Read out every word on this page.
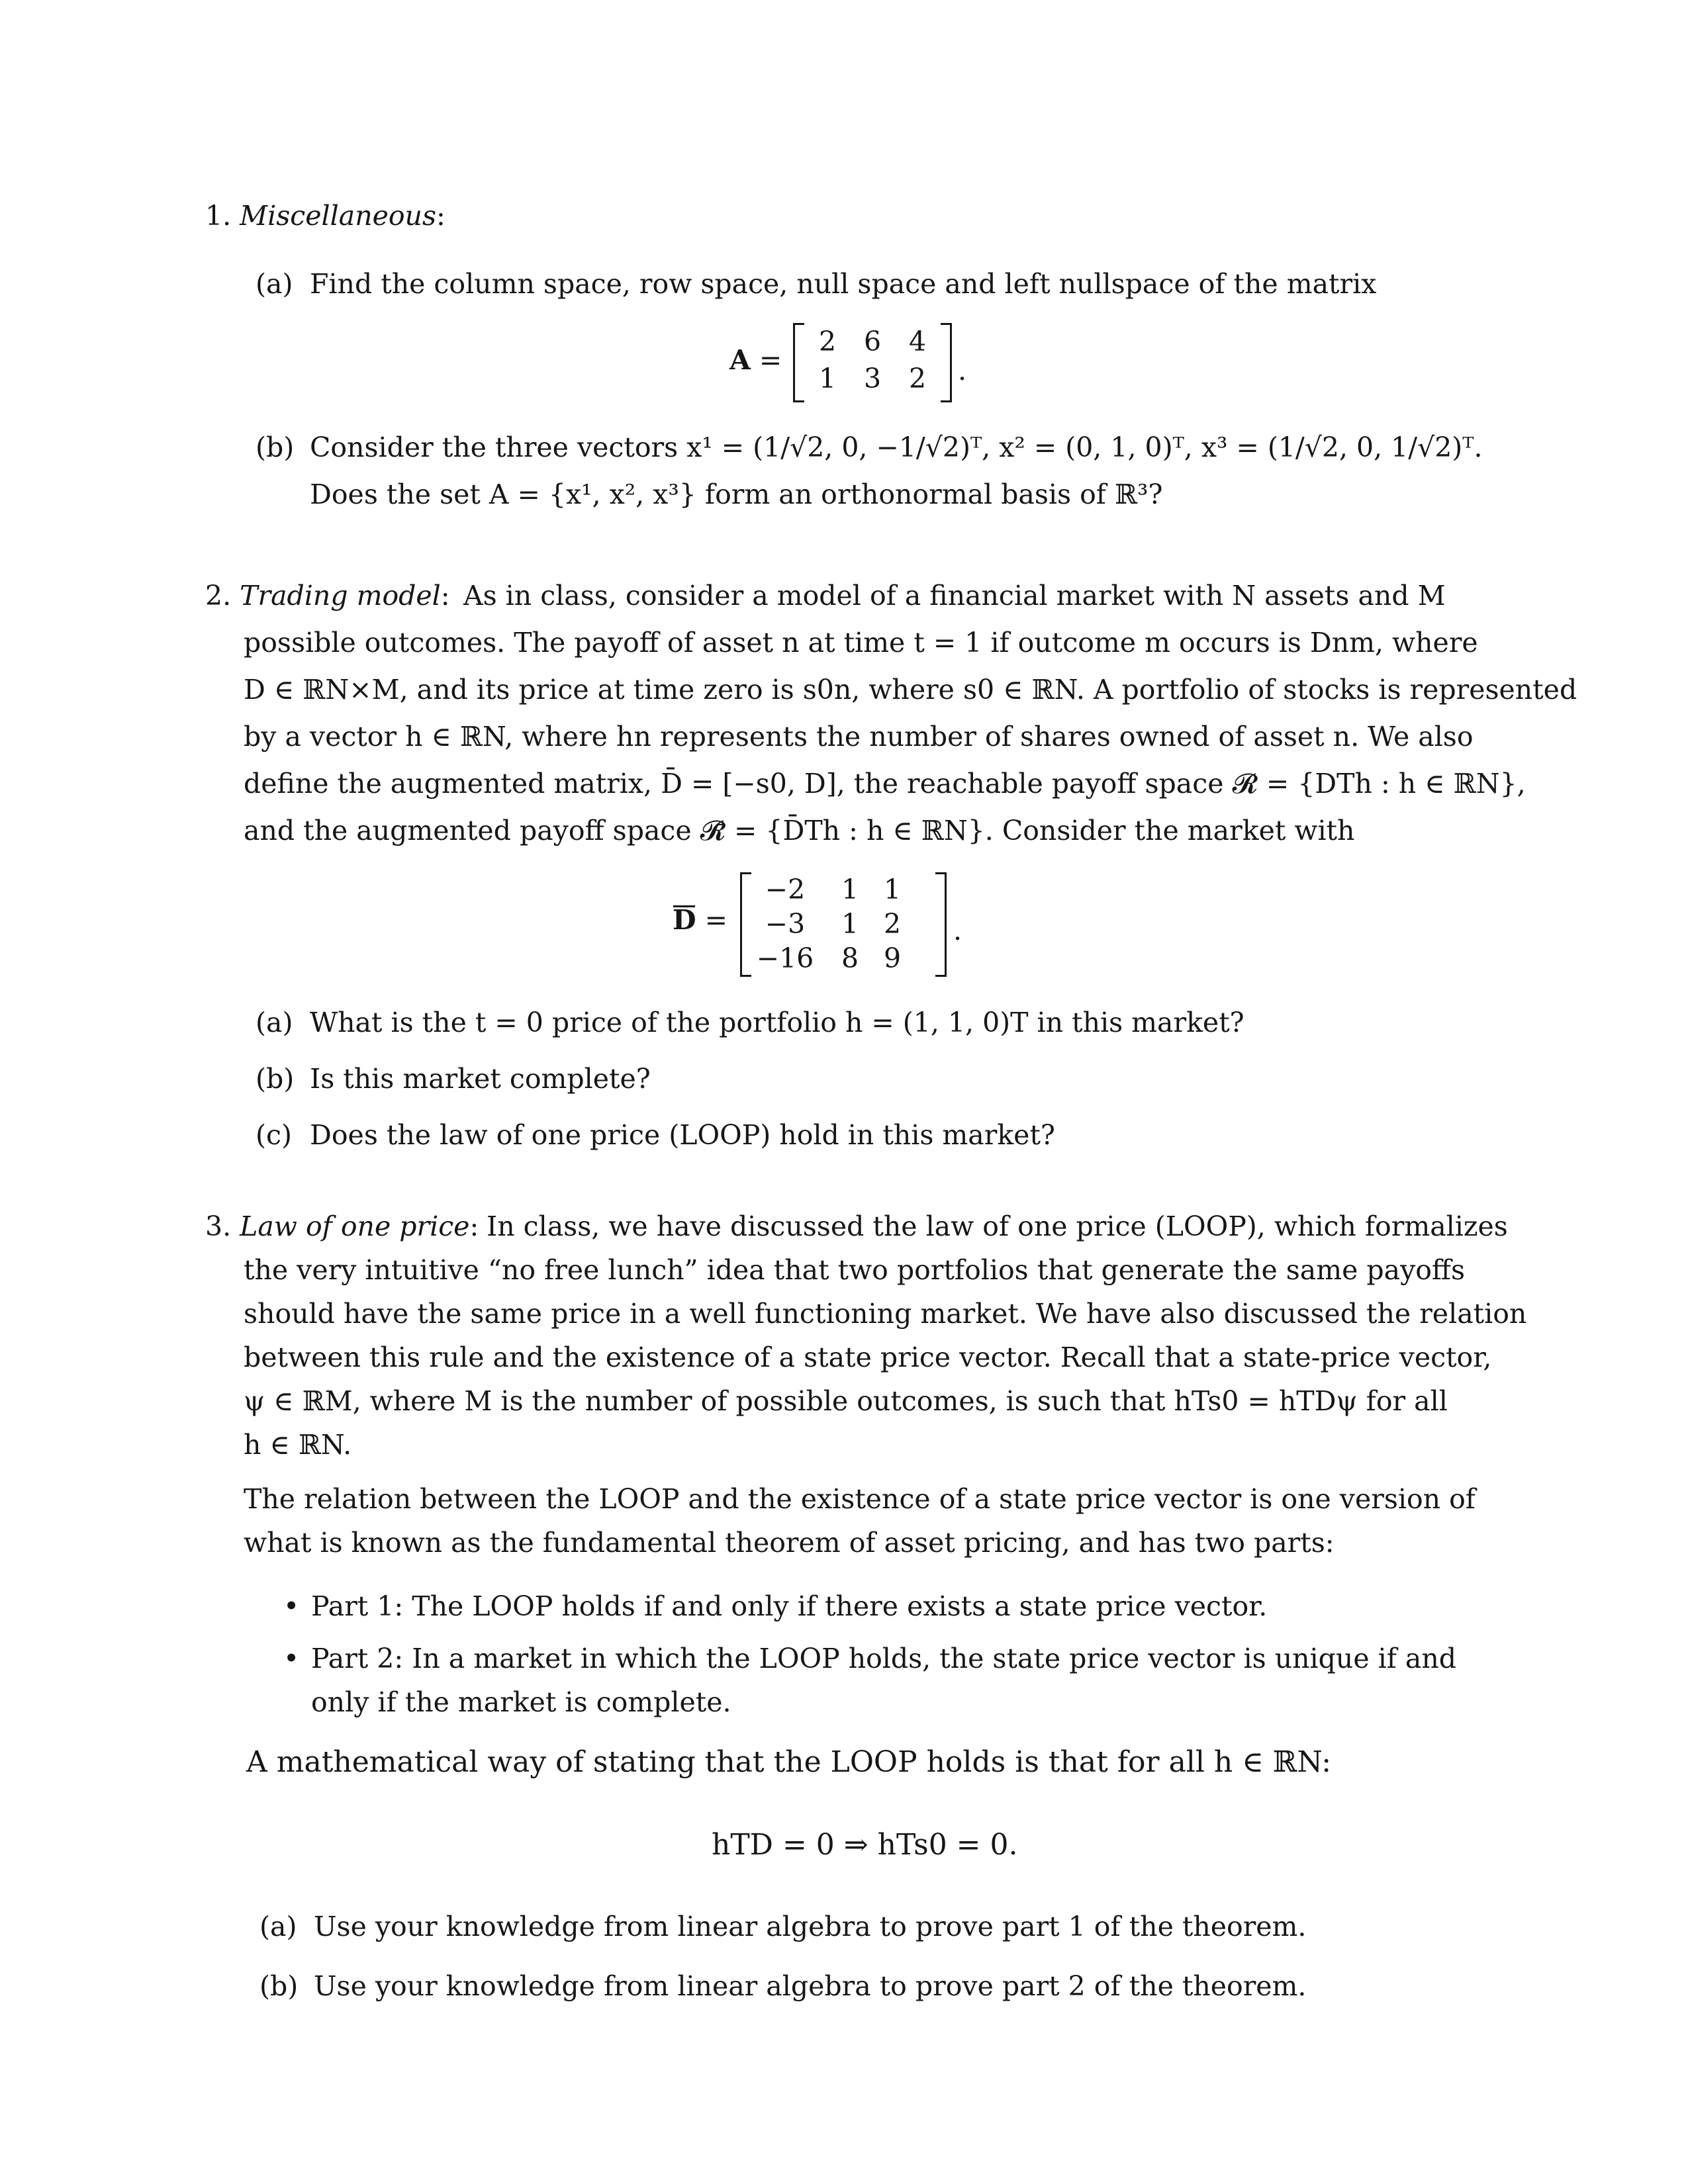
1. Miscellaneous:
(a) Find the column space, row space, null space and left nullspace of the matrix
A =
2	6	4
1	3	2	.
(b) Consider the three vectors x¹ = (1/√2, 0, −1/√2)ᵀ, x² = (0, 1, 0)ᵀ, x³ = (1/√2, 0, 1/√2)ᵀ.
Does the set A = {x¹, x², x³} form an orthonormal basis of ℝ³?
2. Trading model: As in class, consider a model of a financial market with N assets and M
possible outcomes. The payoff of asset n at time t = 1 if outcome m occurs is Dnm, where
D ∈ ℝN×M, and its price at time zero is s0n, where s0 ∈ ℝN. A portfolio of stocks is represented
by a vector h ∈ ℝN, where hn represents the number of shares owned of asset n. We also
define the augmented matrix, D̄ = [−s0, D], the reachable payoff space 𝓡 = {DTh : h ∈ ℝN},
and the augmented payoff space 𝓡̄ = {D̄Th : h ∈ ℝN}. Consider the market with
D =
−2	1 1
−3	1 2
−16	8 9
.
(a) What is the t = 0 price of the portfolio h = (1, 1, 0)T in this market?
(b) Is this market complete?
(c) Does the law of one price (LOOP) hold in this market?
3. Law of one price: In class, we have discussed the law of one price (LOOP), which formalizes
the very intuitive “no free lunch” idea that two portfolios that generate the same payoffs
should have the same price in a well functioning market. We have also discussed the relation
between this rule and the existence of a state price vector. Recall that a state-price vector,
ψ ∈ ℝM, where M is the number of possible outcomes, is such that hTs0 = hTDψ for all
h ∈ ℝN.
The relation between the LOOP and the existence of a state price vector is one version of
what is known as the fundamental theorem of asset pricing, and has two parts:
• Part 1: The LOOP holds if and only if there exists a state price vector.
• Part 2: In a market in which the LOOP holds, the state price vector is unique if and
only if the market is complete.
A mathematical way of stating that the LOOP holds is that for all h ∈ ℝN:
hTD = 0 ⇒ hTs0 = 0.
(a) Use your knowledge from linear algebra to prove part 1 of the theorem.
(b) Use your knowledge from linear algebra to prove part 2 of the theorem.
